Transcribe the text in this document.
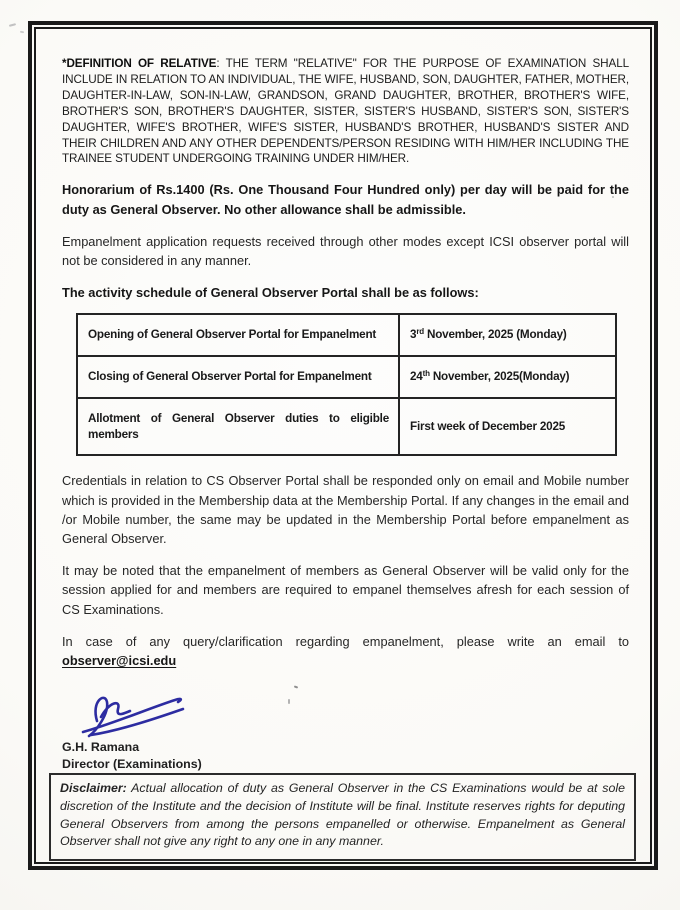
*DEFINITION OF RELATIVE: THE TERM "RELATIVE" FOR THE PURPOSE OF EXAMINATION SHALL INCLUDE IN RELATION TO AN INDIVIDUAL, THE WIFE, HUSBAND, SON, DAUGHTER, FATHER, MOTHER, DAUGHTER-IN-LAW, SON-IN-LAW, GRANDSON, GRAND DAUGHTER, BROTHER, BROTHER'S WIFE, BROTHER'S SON, BROTHER'S DAUGHTER, SISTER, SISTER'S HUSBAND, SISTER'S SON, SISTER'S DAUGHTER, WIFE'S BROTHER, WIFE'S SISTER, HUSBAND'S BROTHER, HUSBAND'S SISTER AND THEIR CHILDREN AND ANY OTHER DEPENDENTS/PERSON RESIDING WITH HIM/HER INCLUDING THE TRAINEE STUDENT UNDERGOING TRAINING UNDER HIM/HER.

Honorarium of Rs.1400 (Rs. One Thousand Four Hundred only) per day will be paid for the duty as General Observer. No other allowance shall be admissible.

Empanelment application requests received through other modes except ICSI observer portal will not be considered in any manner.

The activity schedule of General Observer Portal shall be as follows:

Opening of General Observer Portal for Empanelment	3rd November, 2025 (Monday)
Closing of General Observer Portal for Empanelment	24th November, 2025(Monday)
Allotment of General Observer duties to eligible members	First week of December 2025

Credentials in relation to CS Observer Portal shall be responded only on email and Mobile number which is provided in the Membership data at the Membership Portal. If any changes in the email and /or Mobile number, the same may be updated in the Membership Portal before empanelment as General Observer.

It may be noted that the empanelment of members as General Observer will be valid only for the session applied for and members are required to empanel themselves afresh for each session of CS Examinations.

In case of any query/clarification regarding empanelment, please write an email to observer@icsi.edu

G.H. Ramana

Director (Examinations)

Disclaimer: Actual allocation of duty as General Observer in the CS Examinations would be at sole discretion of the Institute and the decision of Institute will be final. Institute reserves rights for deputing General Observers from among the persons empanelled or otherwise. Empanelment as General Observer shall not give any right to any one in any manner.
